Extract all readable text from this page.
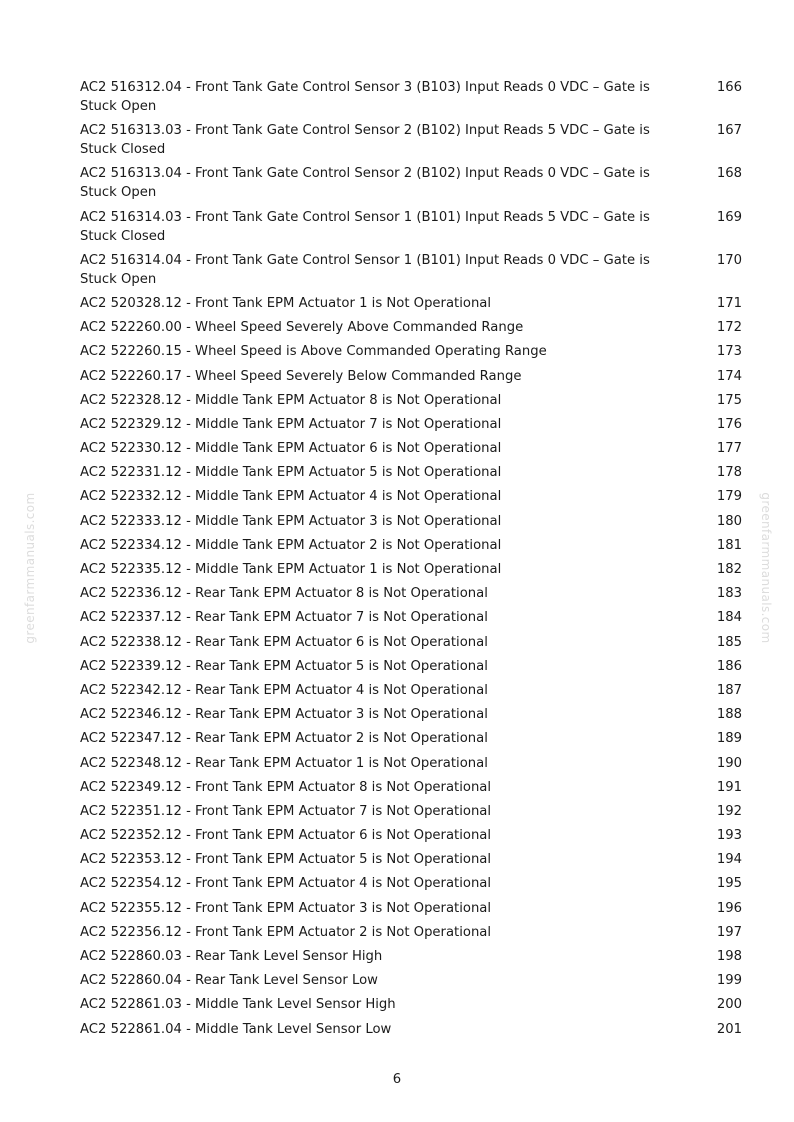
AC2 516312.04 - Front Tank Gate Control Sensor 3 (B103) Input Reads 0 VDC – Gate is Stuck Open
166
AC2 516313.03 - Front Tank Gate Control Sensor 2 (B102) Input Reads 5 VDC – Gate is Stuck Closed
167
AC2 516313.04 - Front Tank Gate Control Sensor 2 (B102) Input Reads 0 VDC – Gate is Stuck Open
168
AC2 516314.03 - Front Tank Gate Control Sensor 1 (B101) Input Reads 5 VDC – Gate is Stuck Closed
169
AC2 516314.04 - Front Tank Gate Control Sensor 1 (B101) Input Reads 0 VDC – Gate is Stuck Open
170
AC2 520328.12 - Front Tank EPM Actuator 1 is Not Operational	171
AC2 522260.00 - Wheel Speed Severely Above Commanded Range	172
AC2 522260.15 - Wheel Speed is Above Commanded Operating Range	173
AC2 522260.17 - Wheel Speed Severely Below Commanded Range	174
AC2 522328.12 - Middle Tank EPM Actuator 8 is Not Operational	175
AC2 522329.12 - Middle Tank EPM Actuator 7 is Not Operational	176
AC2 522330.12 - Middle Tank EPM Actuator 6 is Not Operational	177
AC2 522331.12 - Middle Tank EPM Actuator 5 is Not Operational	178
AC2 522332.12 - Middle Tank EPM Actuator 4 is Not Operational	179
AC2 522333.12 - Middle Tank EPM Actuator 3 is Not Operational	180
AC2 522334.12 - Middle Tank EPM Actuator 2 is Not Operational	181
AC2 522335.12 - Middle Tank EPM Actuator 1 is Not Operational	182
AC2 522336.12 - Rear Tank EPM Actuator 8 is Not Operational	183
AC2 522337.12 - Rear Tank EPM Actuator 7 is Not Operational	184
AC2 522338.12 - Rear Tank EPM Actuator 6 is Not Operational	185
AC2 522339.12 - Rear Tank EPM Actuator 5 is Not Operational	186
AC2 522342.12 - Rear Tank EPM Actuator 4 is Not Operational	187
AC2 522346.12 - Rear Tank EPM Actuator 3 is Not Operational	188
AC2 522347.12 - Rear Tank EPM Actuator 2 is Not Operational	189
AC2 522348.12 - Rear Tank EPM Actuator 1 is Not Operational	190
AC2 522349.12 - Front Tank EPM Actuator 8 is Not Operational	191
AC2 522351.12 - Front Tank EPM Actuator 7 is Not Operational	192
AC2 522352.12 - Front Tank EPM Actuator 6 is Not Operational	193
AC2 522353.12 - Front Tank EPM Actuator 5 is Not Operational	194
AC2 522354.12 - Front Tank EPM Actuator 4 is Not Operational	195
AC2 522355.12 - Front Tank EPM Actuator 3 is Not Operational	196
AC2 522356.12 - Front Tank EPM Actuator 2 is Not Operational	197
AC2 522860.03 - Rear Tank Level Sensor High	198
AC2 522860.04 - Rear Tank Level Sensor Low	199
AC2 522861.03 - Middle Tank Level Sensor High	200
AC2 522861.04 - Middle Tank Level Sensor Low	201
greenfarmmanuals.com	greenfarmmanuals.com
6
